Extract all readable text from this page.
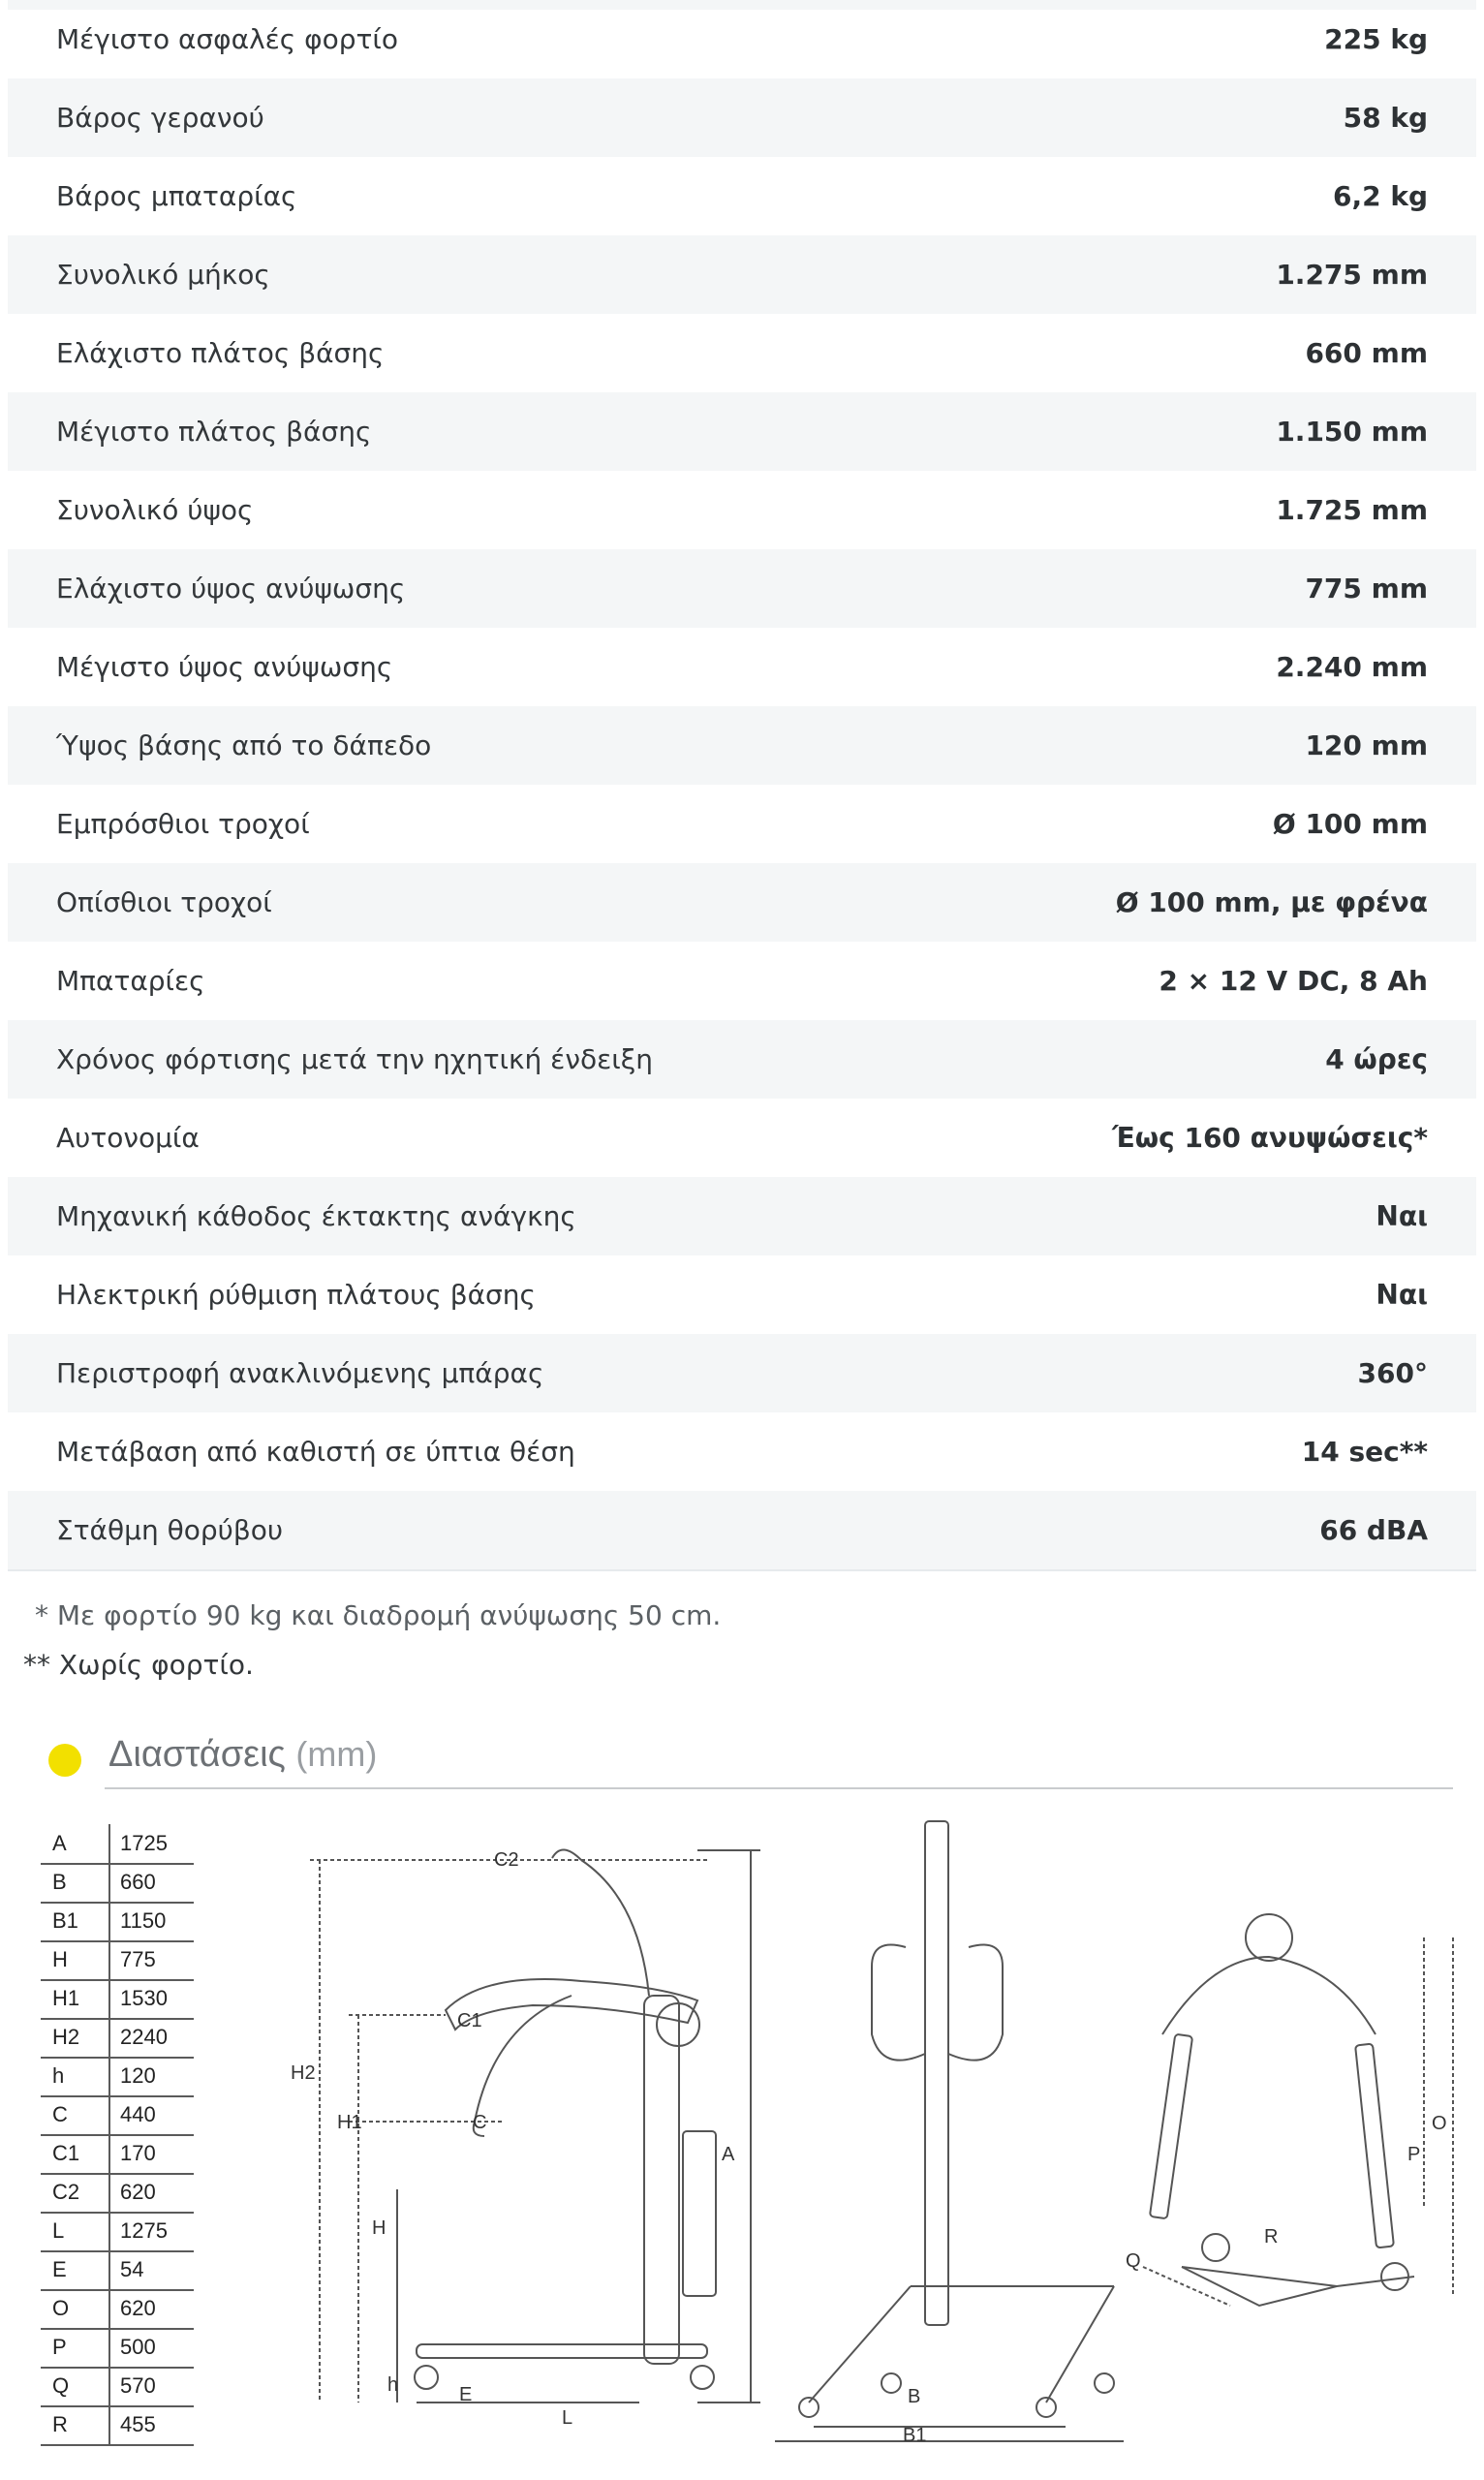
Μέγιστο ασφαλές φορτίο	225 kg
Βάρος γερανού	58 kg
Βάρος μπαταρίας	6,2 kg
Συνολικό μήκος	1.275 mm
Ελάχιστο πλάτος βάσης	660 mm
Μέγιστο πλάτος βάσης	1.150 mm
Συνολικό ύψος	1.725 mm
Ελάχιστο ύψος ανύψωσης	775 mm
Μέγιστο ύψος ανύψωσης	2.240 mm
Ύψος βάσης από το δάπεδο	120 mm
Εμπρόσθιοι τροχοί	Ø 100 mm
Οπίσθιοι τροχοί	Ø 100 mm, με φρένα
Μπαταρίες	2 × 12 V DC, 8 Ah
Χρόνος φόρτισης μετά την ηχητική ένδειξη	4 ώρες
Αυτονομία	Έως 160 ανυψώσεις*
Μηχανική κάθοδος έκτακτης ανάγκης	Ναι
Ηλεκτρική ρύθμιση πλάτους βάσης	Ναι
Περιστροφή ανακλινόμενης μπάρας	360°
Μετάβαση από καθιστή σε ύπτια θέση	14 sec**
Στάθμη θορύβου	66 dBA
* Με φορτίο 90 kg και διαδρομή ανύψωσης 50 cm.
** Χωρίς φορτίο.
Διαστάσεις (mm)
A	1725
B	660
B1 1150
H 775
H1 1530
H2 2240
h	120
C 440
C1 170
C2 620
L	1275
E	54
O 620
P	500
Q 570
R 455
C2
C1
C
H2
H1
H
h	E
L
A
B
B1
O
P
Q
R
